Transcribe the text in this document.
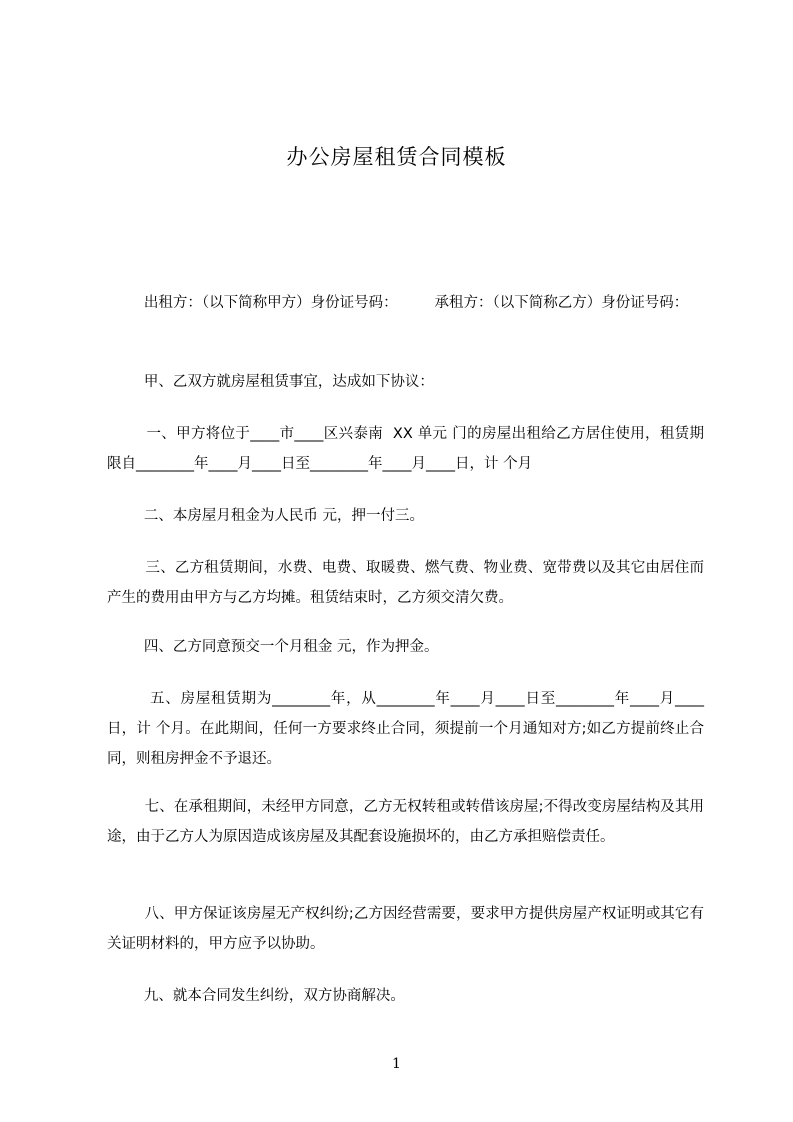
办公房屋租赁合同模板
出租方：（以下简称甲方）身份证号码：        承租方：（以下简称乙方）身份证号码：
甲、乙双方就房屋租赁事宜，达成如下协议：
一、甲方将位于____市____区兴泰南  XX 单元 门的房屋出租给乙方居住使用，租赁期限自________年____月____日至________年____月____日，计 个月
二、本房屋月租金为人民币 元，押一付三。
三、乙方租赁期间，水费、电费、取暖费、燃气费、物业费、宽带费以及其它由居住而产生的费用由甲方与乙方均摊。租赁结束时，乙方须交清欠费。
四、乙方同意预交一个月租金 元，作为押金。
五、房屋租赁期为________年，从________年____月____日至________年____月____日，计 个月。在此期间，任何一方要求终止合同，须提前一个月通知对方;如乙方提前终止合同，则租房押金不予退还。
七、在承租期间，未经甲方同意，乙方无权转租或转借该房屋;不得改变房屋结构及其用途，由于乙方人为原因造成该房屋及其配套设施损坏的，由乙方承担赔偿责任。
八、甲方保证该房屋无产权纠纷;乙方因经营需要，要求甲方提供房屋产权证明或其它有关证明材料的，甲方应予以协助。
九、就本合同发生纠纷，双方协商解决。
1
